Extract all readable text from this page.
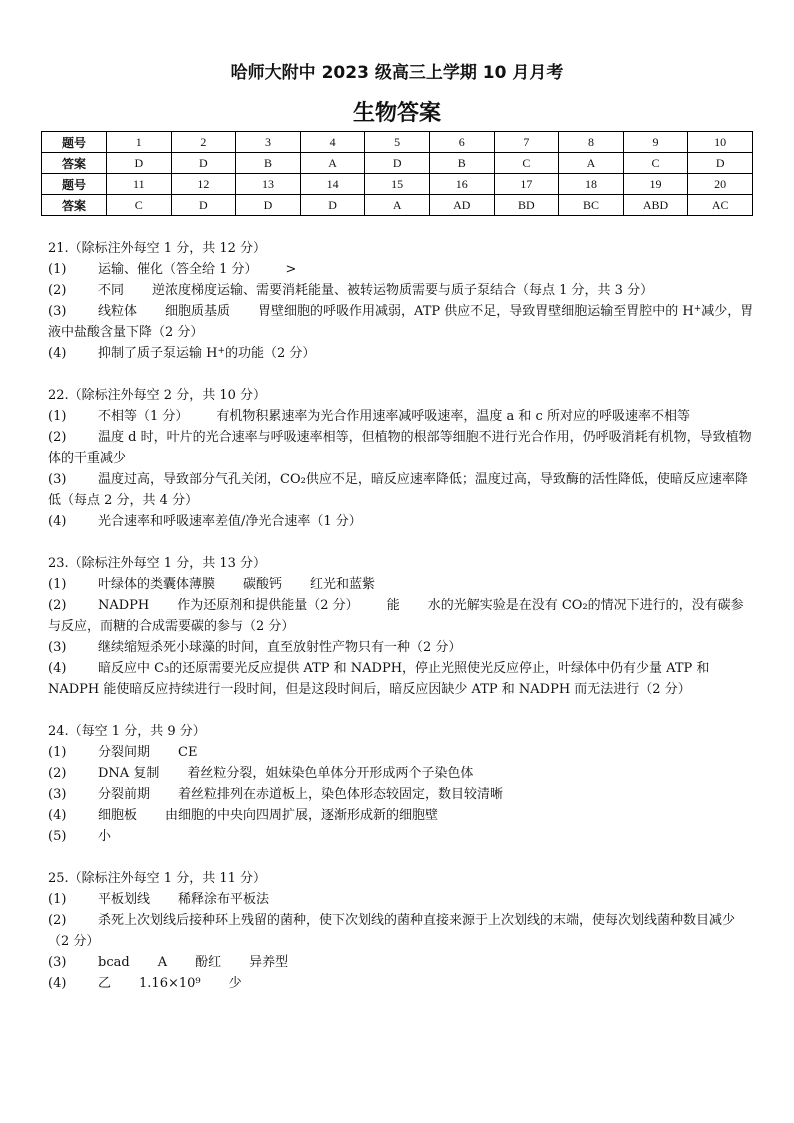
哈师大附中 2023 级高三上学期 10 月月考
生物答案
题号	1	2	3	4	5	6	7	8	9	10
答案	D	D	B	A	D	B	C	A	C	D
题号	11	12	13	14	15	16	17	18	19	20
答案	C	D	D	D	A	AD	BD	BC	ABD	AC

21.（除标注外每空 1 分，共 12 分）

(1) 运输、催化（答全给 1 分） >

(2) 不同 逆浓度梯度运输、需要消耗能量、被转运物质需要与质子泵结合（每点 1 分，共 3 分）

(3) 线粒体 细胞质基质 胃壁细胞的呼吸作用减弱，ATP 供应不足，导致胃壁细胞运输至胃腔中的 H+减少，胃液中盐酸含量下降（2 分）

(4) 抑制了质子泵运输 H+的功能（2 分）

22.（除标注外每空 2 分，共 10 分）

(1) 不相等（1 分） 有机物积累速率为光合作用速率减呼吸速率，温度 a 和 c 所对应的呼吸速率不相等

(2) 温度 d 时，叶片的光合速率与呼吸速率相等，但植物的根部等细胞不进行光合作用，仍呼吸消耗有机物，导致植物体的干重减少

(3) 温度过高，导致部分气孔关闭，CO₂供应不足，暗反应速率降低；温度过高，导致酶的活性降低，使暗反应速率降低（每点 2 分，共 4 分）

(4) 光合速率和呼吸速率差值/净光合速率（1 分）

23.（除标注外每空 1 分，共 13 分）

(1) 叶绿体的类囊体薄膜 碳酸钙 红光和蓝紫

(2) NADPH 作为还原剂和提供能量（2 分） 能 水的光解实验是在没有 CO₂的情况下进行的，没有碳参与反应，而糖的合成需要碳的参与（2 分）

(3) 继续缩短杀死小球藻的时间，直至放射性产物只有一种（2 分）

(4) 暗反应中 C₃的还原需要光反应提供 ATP 和 NADPH，停止光照使光反应停止，叶绿体中仍有少量 ATP 和 NADPH 能使暗反应持续进行一段时间，但是这段时间后，暗反应因缺少 ATP 和 NADPH 而无法进行（2 分）

24.（每空 1 分，共 9 分）

(1) 分裂间期 CE

(2) DNA 复制 着丝粒分裂，姐妹染色单体分开形成两个子染色体

(3) 分裂前期 着丝粒排列在赤道板上，染色体形态较固定，数目较清晰

(4) 细胞板 由细胞的中央向四周扩展，逐渐形成新的细胞壁

(5) 小

25.（除标注外每空 1 分，共 11 分）

(1) 平板划线 稀释涂布平板法

(2) 杀死上次划线后接种环上残留的菌种，使下次划线的菌种直接来源于上次划线的末端，使每次划线菌种数目减少（2 分）

(3) bcad A 酚红 异养型

(4) 乙 1.16×10⁹ 少
